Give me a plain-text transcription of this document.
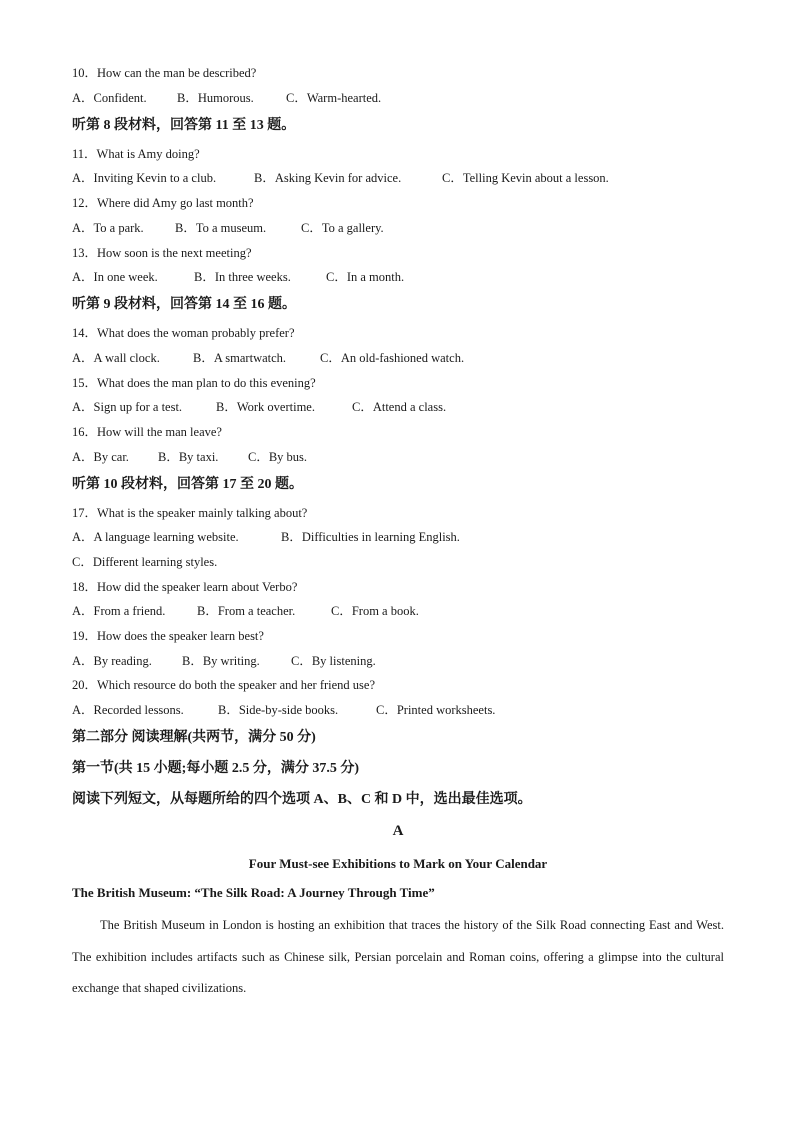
10．How can the man be described?
A．Confident. B．Humorous.	C．Warm-hearted.
听第 8 段材料，回答第 11 至 13 题。
11．What is Amy doing?
A．Inviting Kevin to a club.	B．Asking Kevin for advice.	C．Telling Kevin about a lesson.
12．Where did Amy go last month?
A．To a park.	B．To a museum.	C．To a gallery.
13．How soon is the next meeting?
A．In one week.	B．In three weeks.	C．In a month.
听第 9 段材料，回答第 14 至 16 题。
14．What does the woman probably prefer?
A．A wall clock.	B．A smartwatch.	C．An old-fashioned watch.
15．What does the man plan to do this evening?
A．Sign up for a test.	B．Work overtime.	C．Attend a class.
16．How will the man leave?
A．By car. B．By taxi. C．By bus.
听第 10 段材料，回答第 17 至 20 题。
17．What is the speaker mainly talking about?
A．A language learning website.	B．Difficulties in learning English.
C．Different learning styles.
18．How did the speaker learn about Verbo?
A．From a friend.	B．From a teacher.	C．From a book.
19．How does the speaker learn best?
A．By reading. B．By writing. C．By listening.
20．Which resource do both the speaker and her friend use?
A．Recorded lessons.	B．Side-by-side books.	C．Printed worksheets.
第二部分 阅读理解(共两节，满分 50 分)
第一节(共 15 小题;每小题 2.5 分，满分 37.5 分)
阅读下列短文，从每题所给的四个选项 A、B、C 和 D 中，选出最佳选项。
A
Four Must-see Exhibitions to Mark on Your Calendar
The British Museum: “The Silk Road: A Journey Through Time”
The British Museum in London is hosting an exhibition that traces the history of the Silk Road connecting East and West. The exhibition includes artifacts such as Chinese silk, Persian porcelain and Roman coins, offering a glimpse into the cultural exchange that shaped civilizations.
